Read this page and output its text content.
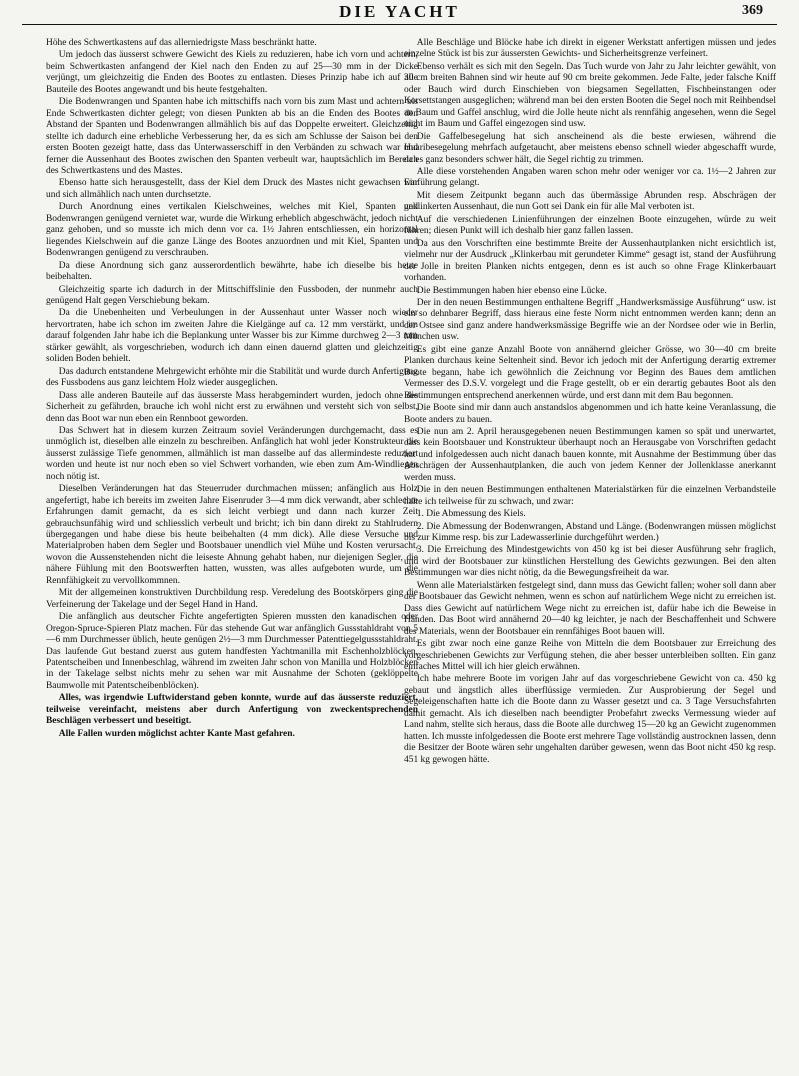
DIE YACHT	369

Höhe des Schwertkastens auf das allerniedrigste Mass beschränkt hatte.

Um jedoch das äusserst schwere Gewicht des Kiels zu reduzieren, habe ich vorn und achtern, beim Schwertkasten anfangend der Kiel nach den Enden zu auf 25—30 mm in der Dicke verjüngt, um gleichzeitig die Enden des Bootes zu entlasten. Dieses Prinzip habe ich auf alle Bauteile des Bootes angewandt und bis heute festgehalten.

Die Bodenwrangen und Spanten habe ich mittschiffs nach vorn bis zum Mast und achtern bis Ende Schwertkasten dichter gelegt; von diesen Punkten ab bis an die Enden des Bootes den Abstand der Spanten und Bodenwrangen allmählich bis auf das Doppelte erweitert. Gleichzeitig stellte ich dadurch eine erhebliche Verbesserung her, da es sich am Schlusse der Saison bei den ersten Booten gezeigt hatte, dass das Unterwasserschiff in den Verbänden zu schwach war und ferner die Aussenhaut des Bootes zwischen den Spanten verbeult war, hauptsächlich im Bereich des Schwertkastens und des Mastes.

Ebenso hatte sich herausgestellt, dass der Kiel dem Druck des Mastes nicht gewachsen war und sich allmählich nach unten durchsetzte.

Durch Anordnung eines vertikalen Kielschweines, welches mit Kiel, Spanten und Bodenwrangen genügend vernietet war, wurde die Wirkung erheblich abgeschwächt, jedoch nicht ganz gehoben, und so musste ich mich denn vor ca. 1½ Jahren entschliessen, ein horizontal liegendes Kielschwein auf die ganze Länge des Bootes anzuordnen und mit Kiel, Spanten und Bodenwrangen genügend zu verschrauben.

Da diese Anordnung sich ganz ausserordentlich bewährte, habe ich dieselbe bis heute beibehalten.

Gleichzeitig sparte ich dadurch in der Mittschiffslinie den Fussboden, der nunmehr auch genügend Halt gegen Verschiebung bekam.

Da die Unebenheiten und Verbeulungen in der Aussenhaut unter Wasser noch wieder hervortraten, habe ich schon im zweiten Jahre die Kielgänge auf ca. 12 mm verstärkt, und im darauf folgenden Jahr habe ich die Beplankung unter Wasser bis zur Kimme durchweg 2—3 mm stärker gewählt, als vorgeschrieben, wodurch ich dann einen dauernd glatten und gleichzeitig soliden Boden behielt.

Das dadurch entstandene Mehrgewicht erhöhte mir die Stabilität und wurde durch Anfertigung des Fussbodens aus ganz leichtem Holz wieder ausgeglichen.

Dass alle anderen Bauteile auf das äusserste Mass herabgemindert wurden, jedoch ohne die Sicherheit zu gefährden, brauche ich wohl nicht erst zu erwähnen und versteht sich von selbst, denn das Boot war nun eben ein Rennboot geworden.

Das Schwert hat in diesem kurzen Zeitraum soviel Veränderungen durchgemacht, dass es unmöglich ist, dieselben alle einzeln zu beschreiben. Anfänglich hat wohl jeder Konstrukteur die äusserst zulässige Tiefe genommen, allmählich ist man dasselbe auf das allermindeste reduziert worden und heute ist nur noch eben so viel Schwert vorhanden, wie eben zum Am-Windliegen noch nötig ist.

Dieselben Veränderungen hat das Steuerruder durchmachen müssen; anfänglich aus Holz angefertigt, habe ich bereits im zweiten Jahre Eisenruder 3—4 mm dick verwandt, aber schlechte Erfahrungen damit gemacht, da es sich leicht verbiegt und dann nach kurzer Zeit gebrauchsunfähig wird und schliesslich verbeult und bricht; ich bin dann direkt zu Stahlrudern übergegangen und habe diese bis heute beibehalten (4 mm dick). Alle diese Versuche und Materialproben haben dem Segler und Bootsbauer unendlich viel Mühe und Kosten verursacht, wovon die Aussenstehenden nicht die leiseste Ahnung gehabt haben, nur diejenigen Segler, die nähere Fühlung mit den Bootswerften hatten, wussten, was alles aufgeboten wurde, um die Rennfähigkeit zu vervollkommnen.

Mit der allgemeinen konstruktiven Durchbildung resp. Veredelung des Bootskörpers ging die Verfeinerung der Takelage und der Segel Hand in Hand.

Die anfänglich aus deutscher Fichte angefertigten Spieren mussten den kanadischen oder Oregon-Spruce-Spieren Platz machen. Für das stehende Gut war anfänglich Gussstahldraht von 5—6 mm Durchmesser üblich, heute genügen 2½—3 mm Durchmesser Patenttiegelgussstahldraht. Das laufende Gut bestand zuerst aus gutem handfesten Yachtmanilla mit Eschenholzblöcken, Patentscheiben und Innenbeschlag, während im zweiten Jahr schon von Manilla und Holzblöcken in der Takelage selbst nichts mehr zu sehen war mit Ausnahme der Schoten (geklöppelte Baumwolle mit Patentscheibenblöcken).

Alles, was irgendwie Luftwiderstand geben konnte, wurde auf das äusserste reduziert, teilweise vereinfacht, meistens aber durch Anfertigung von zweckentsprechenden Beschlägen verbessert und beseitigt.

Alle Fallen wurden möglichst achter Kante Mast gefahren.

Alle Beschläge und Blöcke habe ich direkt in eigener Werkstatt anfertigen müssen und jedes einzelne Stück ist bis zur äussersten Gewichts- und Sicherheitsgrenze verfeinert.

Ebenso verhält es sich mit den Segeln. Das Tuch wurde von Jahr zu Jahr leichter gewählt, von 30 cm breiten Bahnen sind wir heute auf 90 cm breite gekommen. Jede Falte, jeder falsche Kniff oder Bauch wird durch Einschieben von biegsamen Segellatten, Fischbeinstangen oder Korsettstangen ausgeglichen; während man bei den ersten Booten die Segel noch mit Reihbendsel an Baum und Gaffel anschlug, wird die Jolle heute nicht als rennfähig angesehen, wenn die Segel nicht im Baum und Gaffel eingezogen sind usw.

Die Gaffelbesegelung hat sich anscheinend als die beste erwiesen, während die Huaribesegelung mehrfach aufgetaucht, aber meistens ebenso schnell wieder abgeschafft wurde, da es ganz besonders schwer hält, die Segel richtig zu trimmen.

Alle diese vorstehenden Angaben waren schon mehr oder weniger vor ca. 1½—2 Jahren zur Einführung gelangt.

Mit diesem Zeitpunkt begann auch das übermässige Abrunden resp. Abschrägen der geklinkerten Aussenhaut, die nun Gott sei Dank ein für alle Mal verboten ist.

Auf die verschiedenen Linienführungen der einzelnen Boote einzugehen, würde zu weit führen; diesen Punkt will ich deshalb hier ganz fallen lassen.

Da aus den Vorschriften eine bestimmte Breite der Aussenhautplanken nicht ersichtlich ist, vielmehr nur der Ausdruck „Klinkerbau mit gerundeter Kimme“ gesagt ist, stand der Ausführung der Jolle in breiten Planken nichts entgegen, denn es ist auch so ohne Frage Klinkerbauart vorhanden.

Die Bestimmungen haben hier ebenso eine Lücke.

Der in den neuen Bestimmungen enthaltene Begriff „Handwerksmässige Ausführung“ usw. ist ein so dehnbarer Begriff, dass hieraus eine feste Norm nicht entnommen werden kann; denn an der Ostsee sind ganz andere handwerksmässige Begriffe wie an der Nordsee oder wie in Berlin, München usw.

Es gibt eine ganze Anzahl Boote von annähernd gleicher Grösse, wo 30—40 cm breite Planken durchaus keine Seltenheit sind. Bevor ich jedoch mit der Anfertigung derartig extremer Boote begann, habe ich gewöhnlich die Zeichnung vor Beginn des Baues dem amtlichen Vermesser des D.S.V. vorgelegt und die Frage gestellt, ob er ein derartig gebautes Boot als den Bestimmungen entsprechend anerkennen würde, und erst dann mit dem Bau begonnen.

Die Boote sind mir dann auch anstandslos abgenommen und ich hatte keine Veranlassung, die Boote anders zu bauen.

Die nun am 2. April herausgegebenen neuen Bestimmungen kamen so spät und unerwartet, dass kein Bootsbauer und Konstrukteur überhaupt noch an Herausgabe von Vorschriften gedacht hat und infolgedessen auch nicht danach bauen konnte, mit Ausnahme der Bestimmung über das Abschrägen der Aussenhautplanken, die auch von jedem Kenner der Jollenklasse anerkannt werden muss.

Die in den neuen Bestimmungen enthaltenen Materialstärken für die einzelnen Verbandsteile halte ich teilweise für zu schwach, und zwar:

1. Die Abmessung des Kiels.

2. Die Abmessung der Bodenwrangen, Abstand und Länge. (Bodenwrangen müssen möglichst bis zur Kimme resp. bis zur Ladewasserlinie durchgeführt werden.)

3. Die Erreichung des Mindestgewichts von 450 kg ist bei dieser Ausführung sehr fraglich, und wird der Bootsbauer zur künstlichen Herstellung des Gewichts gezwungen. Bei den alten Bestimmungen war dies nicht nötig, da die Bewegungsfreiheit da war.

Wenn alle Materialstärken festgelegt sind, dann muss das Gewicht fallen; woher soll dann aber der Bootsbauer das Gewicht nehmen, wenn es schon auf natürlichem Wege nicht zu erreichen ist. Dass dies Gewicht auf natürlichem Wege nicht zu erreichen ist, dafür habe ich die Beweise in Händen. Das Boot wird annähernd 20—40 kg leichter, je nach der Beschaffenheit und Schwere des Materials, wenn der Bootsbauer ein rennfähiges Boot bauen will.

Es gibt zwar noch eine ganze Reihe von Mitteln die dem Bootsbauer zur Erreichung des vorgeschriebenen Gewichts zur Verfügung stehen, die aber besser unterbleiben sollten. Ein ganz einfaches Mittel will ich hier gleich erwähnen.

Ich habe mehrere Boote im vorigen Jahr auf das vorgeschriebene Gewicht von ca. 450 kg gebaut und ängstlich alles überflüssige vermieden. Zur Ausprobierung der Segel und Segeleigenschaften hatte ich die Boote dann zu Wasser gesetzt und ca. 3 Tage Versuchsfahrten damit gemacht. Als ich dieselben nach beendigter Probefahrt zwecks Vermessung wieder auf Land nahm, stellte sich heraus, dass die Boote alle durchweg 15—20 kg an Gewicht zugenommen hatten. Ich musste infolgedessen die Boote erst mehrere Tage vollständig austrocknen lassen, denn die Besitzer der Boote wären sehr ungehalten darüber gewesen, wenn das Boot nicht 450 kg resp. 451 kg gewogen hätte.
